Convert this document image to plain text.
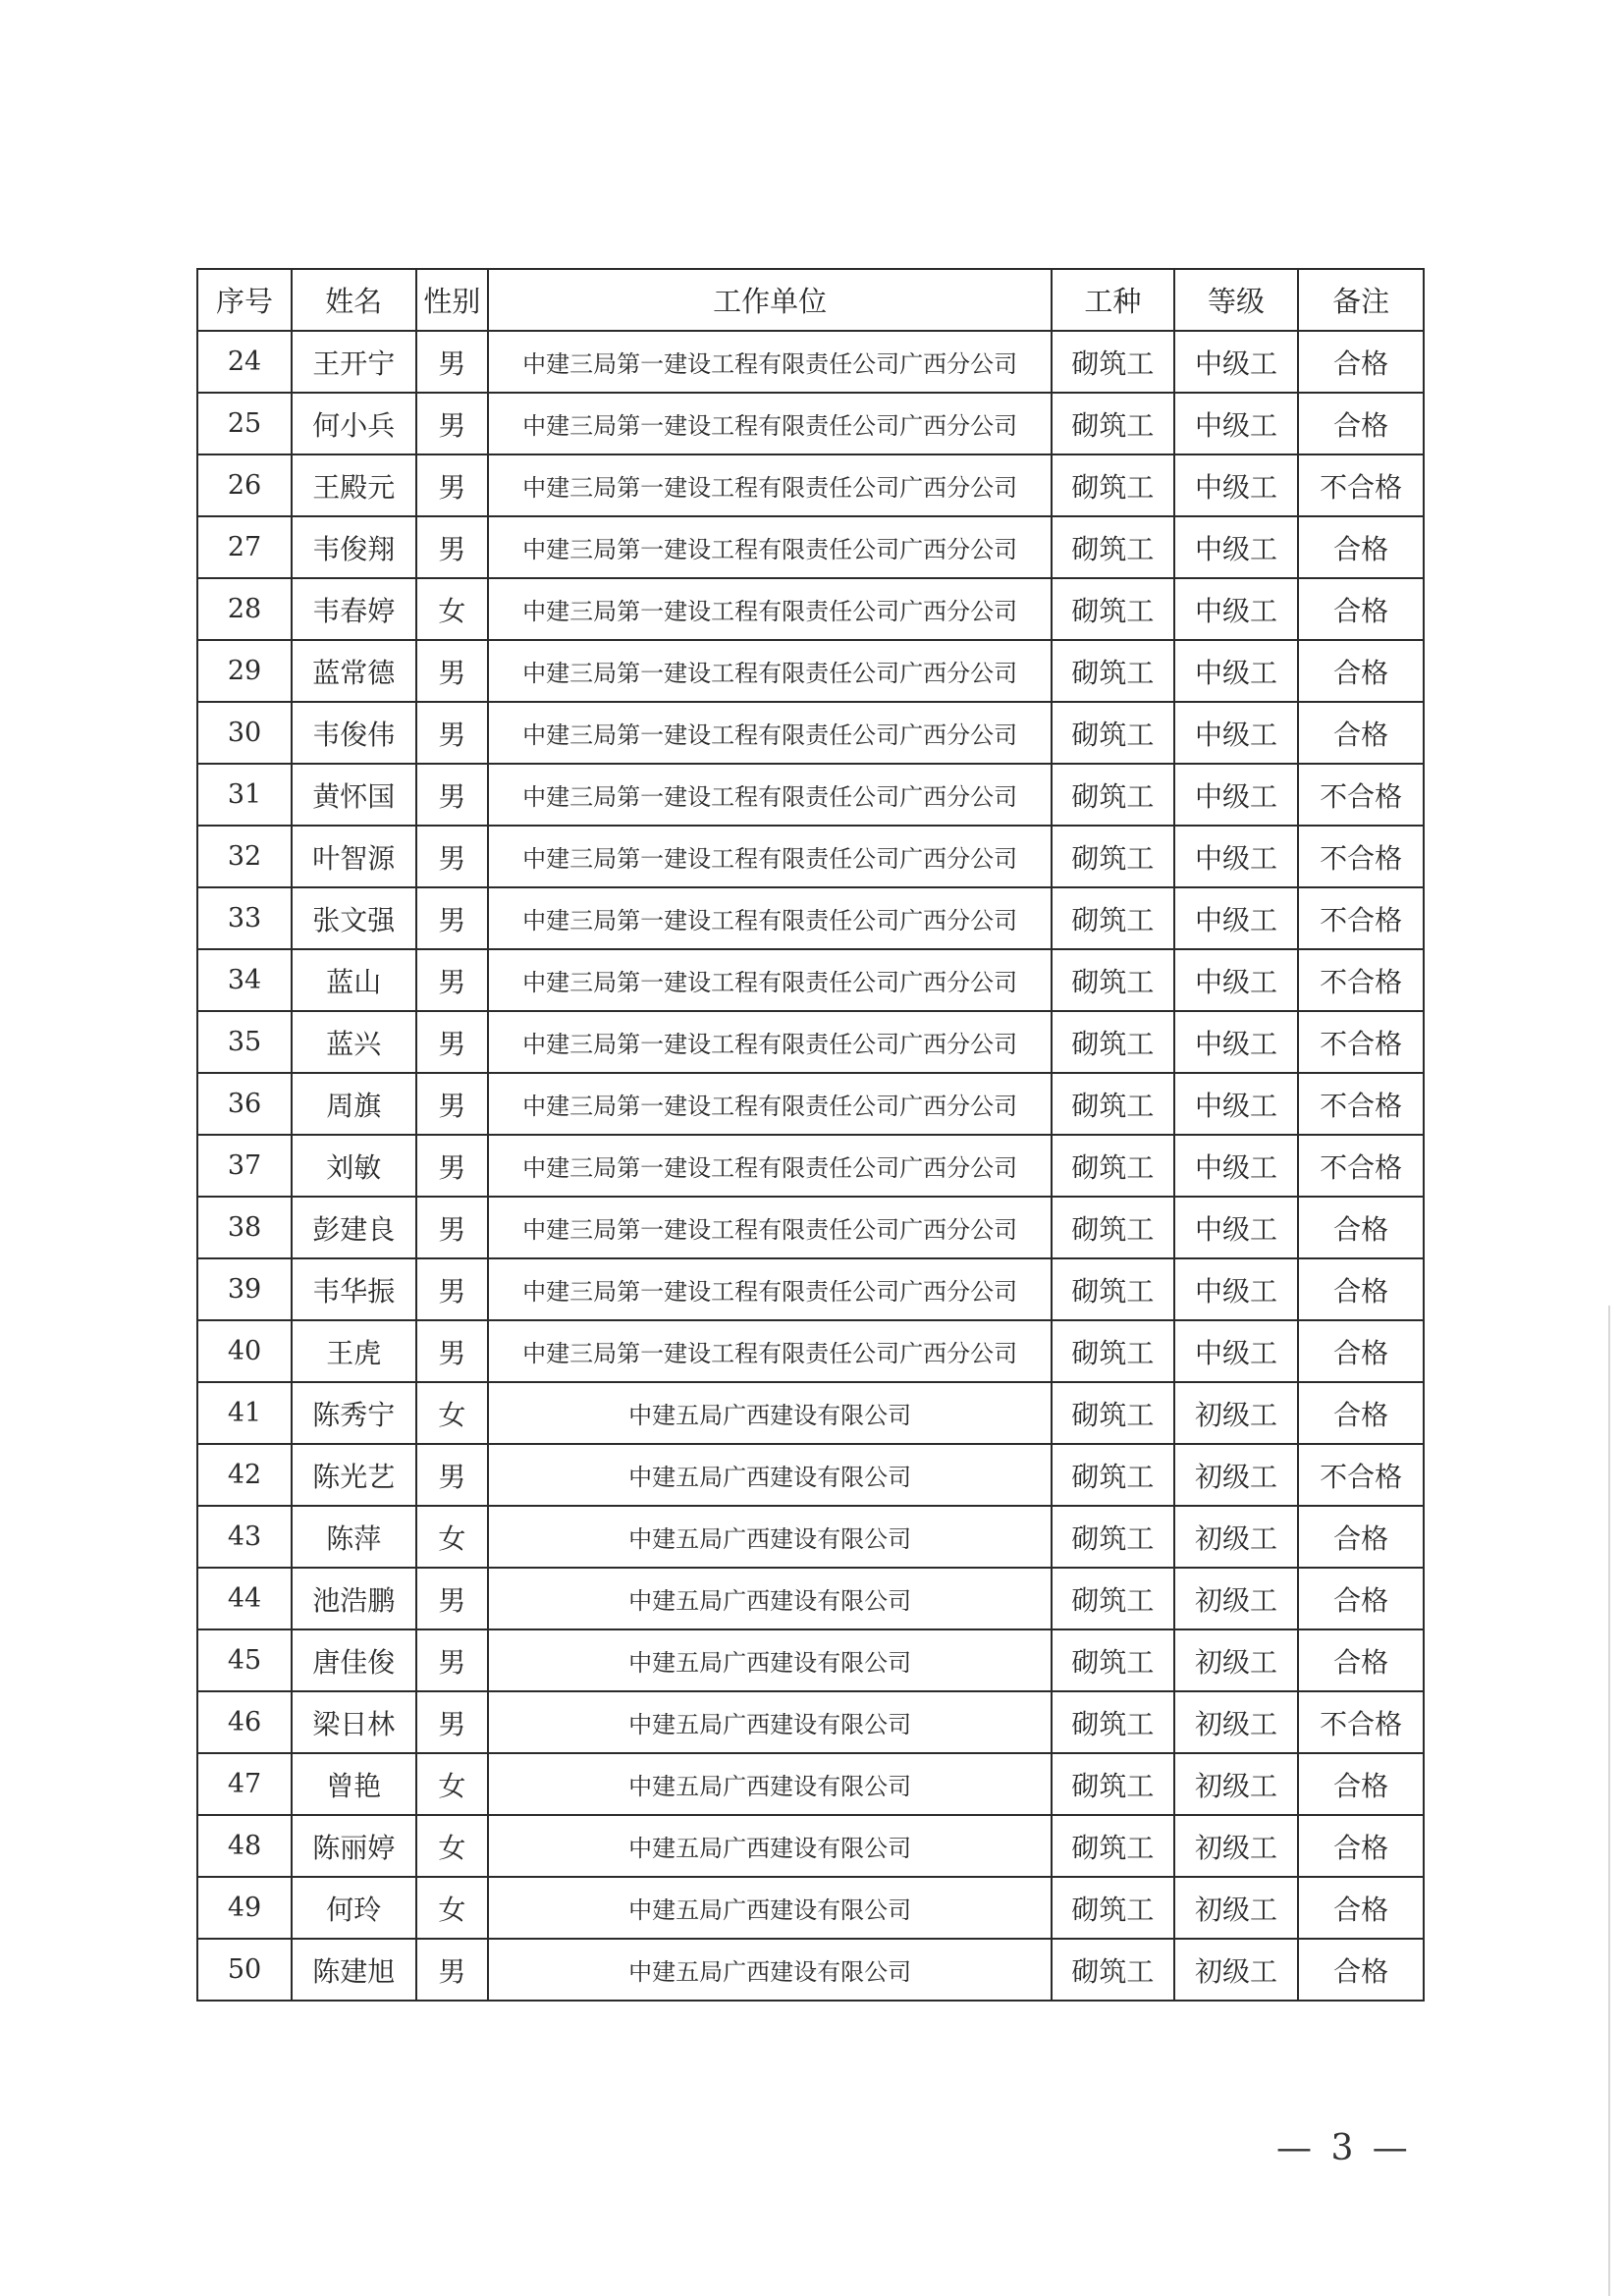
序号	姓名	性别	工作单位	工种	等级	备注
24	王开宁	男	中建三局第一建设工程有限责任公司广西分公司	砌筑工	中级工	合格
25	何小兵	男	中建三局第一建设工程有限责任公司广西分公司	砌筑工	中级工	合格
26	王殿元	男	中建三局第一建设工程有限责任公司广西分公司	砌筑工	中级工	不合格
27	韦俊翔	男	中建三局第一建设工程有限责任公司广西分公司	砌筑工	中级工	合格
28	韦春婷	女	中建三局第一建设工程有限责任公司广西分公司	砌筑工	中级工	合格
29	蓝常德	男	中建三局第一建设工程有限责任公司广西分公司	砌筑工	中级工	合格
30	韦俊伟	男	中建三局第一建设工程有限责任公司广西分公司	砌筑工	中级工	合格
31	黄怀国	男	中建三局第一建设工程有限责任公司广西分公司	砌筑工	中级工	不合格
32	叶智源	男	中建三局第一建设工程有限责任公司广西分公司	砌筑工	中级工	不合格
33	张文强	男	中建三局第一建设工程有限责任公司广西分公司	砌筑工	中级工	不合格
34	蓝山	男	中建三局第一建设工程有限责任公司广西分公司	砌筑工	中级工	不合格
35	蓝兴	男	中建三局第一建设工程有限责任公司广西分公司	砌筑工	中级工	不合格
36	周旗	男	中建三局第一建设工程有限责任公司广西分公司	砌筑工	中级工	不合格
37	刘敏	男	中建三局第一建设工程有限责任公司广西分公司	砌筑工	中级工	不合格
38	彭建良	男	中建三局第一建设工程有限责任公司广西分公司	砌筑工	中级工	合格
39	韦华振	男	中建三局第一建设工程有限责任公司广西分公司	砌筑工	中级工	合格
40	王虎	男	中建三局第一建设工程有限责任公司广西分公司	砌筑工	中级工	合格
41	陈秀宁	女	中建五局广西建设有限公司	砌筑工	初级工	合格
42	陈光艺	男	中建五局广西建设有限公司	砌筑工	初级工	不合格
43	陈萍	女	中建五局广西建设有限公司	砌筑工	初级工	合格
44	池浩鹏	男	中建五局广西建设有限公司	砌筑工	初级工	合格
45	唐佳俊	男	中建五局广西建设有限公司	砌筑工	初级工	合格
46	梁日林	男	中建五局广西建设有限公司	砌筑工	初级工	不合格
47	曾艳	女	中建五局广西建设有限公司	砌筑工	初级工	合格
48	陈丽婷	女	中建五局广西建设有限公司	砌筑工	初级工	合格
49	何玲	女	中建五局广西建设有限公司	砌筑工	初级工	合格
50	陈建旭	男	中建五局广西建设有限公司	砌筑工	初级工	合格
— 3 —
